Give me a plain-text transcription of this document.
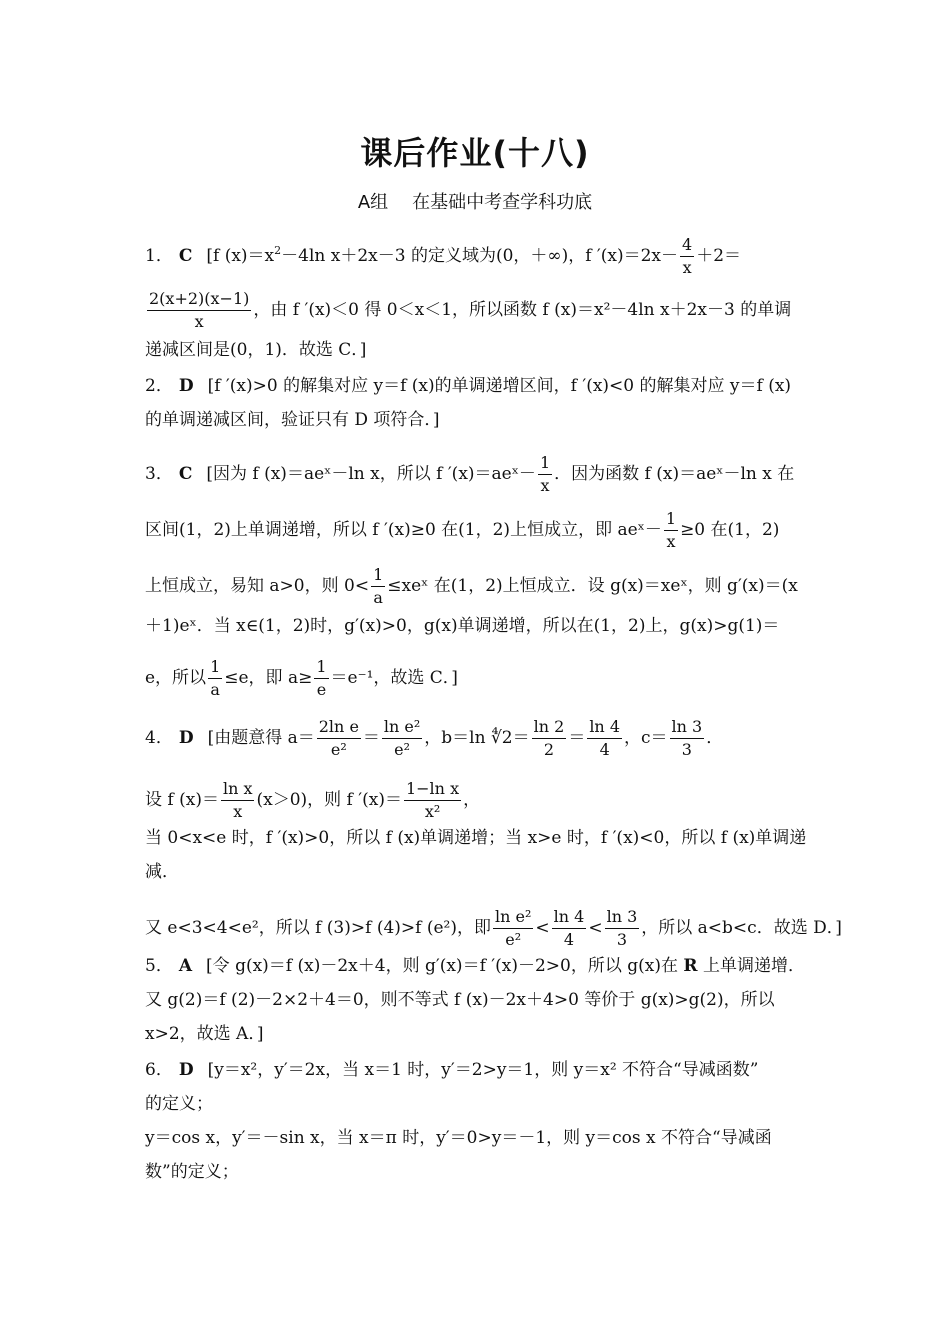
课后作业(十八)
A组 在基础中考查学科功底
1． C [f $(x)=x^2-4\ln$ x＋2x－3 的定义域为(0，＋∞)，f $'(x)=2x- \frac{4}{x} +2=$
$\frac{2(x+2)(x-1)}{x}$ ，由 f ′(x)＜0 得 0＜x＜1，所以函数 f (x)＝x²－4ln x＋2x－3 的单调
递减区间是(0，1)．故选 C．]
2． D [f ′(x)>0 的解集对应 y＝f (x)的单调递增区间，f ′(x)<0 的解集对应 y＝f (x)
的单调递减区间，验证只有 D 项符合．]
3． C [因为 f (x)＝aeˣ－ln x，所以 f ′(x)＝aeˣ－ $\frac{1}{x}$ ．因为函数 f (x)＝aeˣ－ln x 在
区间(1，2)上单调递增，所以 f ′(x)≥0 在(1，2)上恒成立，即 aeˣ－ $\frac{1}{x} \ge 0$ 在(1，2)
上恒成立，易知 a>0，则 $0< \frac{1}{a}$ ≤xeˣ 在(1，2)上恒成立．设 g(x)＝xeˣ，则 g′(x)＝(x
＋1)eˣ．当 x∈(1，2)时，g′(x)>0，g(x)单调递增，所以在(1，2)上，g(x)>g(1)＝
e，所以 $\frac{1}{a} \le e$，即 $a\ge \frac{1}{e} =e^{-1}$，故选 C．]
4． D [由题意得 $a= \frac{\text{2ln e}}{\text{e²}} = \frac{\text{ln e²}}{\text{e²}}$ ，b＝ln ∜2＝ $\frac{\ln 2}{2} = \frac{\ln 4}{4}$ ，$c= \frac{\ln 3}{3}$ ．
设 f $(x)= \frac{\text{ln x}}{x} (x>0)$，则 f $'(x)= \frac{\text{1−ln x}}{\text{x²}}$ ，
当 0<x<e 时，f ′(x)>0，所以 f (x)单调递增；当 x>e 时，f ′(x)<0，所以 f (x)单调递
减．
又 e<3<4<e²，所以 f (3)>f (4)>f (e²)，即 $\frac{\text{ln e²}}{\text{e²}} < \frac{\ln 4}{4} < \frac{\ln 3}{3}$ ，所以 a<b<c．故选 D．]
5． A [令 g(x)＝f (x)－2x＋4，则 g′(x)＝f ′(x)－2>0，所以 g(x)在 R 上单调递增．
又 g(2)＝f (2)－2×2＋4＝0，则不等式 f (x)－2x＋4>0 等价于 g(x)>g(2)，所以
x>2，故选 A．]
6． D [y＝x²，y′＝2x，当 x＝1 时，y′＝2>y＝1，则 y＝x² 不符合“导减函数”
的定义；
y＝cos x，y′＝－sin x，当 x＝π 时，y′＝0>y＝－1，则 y＝cos x 不符合“导减函
数”的定义；
